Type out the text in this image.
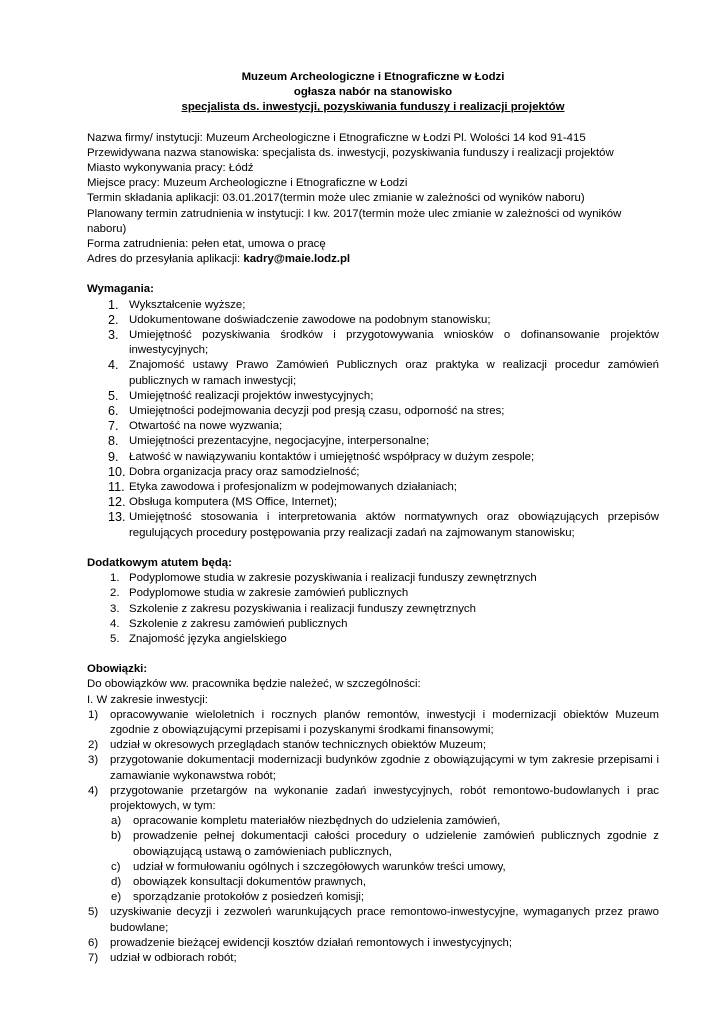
Muzeum Archeologiczne i Etnograficzne w Łodzi
ogłasza nabór na stanowisko
specjalista ds. inwestycji, pozyskiwania funduszy i realizacji projektów
Nazwa firmy/ instytucji: Muzeum Archeologiczne i Etnograficzne w Łodzi Pl. Wolości 14 kod 91-415
Przewidywana nazwa stanowiska: specjalista ds. inwestycji, pozyskiwania funduszy i realizacji projektów
Miasto wykonywania pracy: Łódź
Miejsce pracy: Muzeum Archeologiczne i Etnograficzne w Łodzi
Termin składania aplikacji: 03.01.2017(termin może ulec zmianie w zależności od wyników naboru)
Planowany termin zatrudnienia w instytucji: I kw. 2017(termin może ulec zmianie w zależności od wyników naboru)
Forma zatrudnienia: pełen etat, umowa o pracę
Adres do przesyłania aplikacji: kadry@maie.lodz.pl
Wymagania:
1. Wykształcenie wyższe;
2. Udokumentowane doświadczenie zawodowe na podobnym stanowisku;
3. Umiejętność pozyskiwania środków i przygotowywania wniosków o dofinansowanie projektów inwestycyjnych;
4. Znajomość ustawy Prawo Zamówień Publicznych oraz praktyka w realizacji procedur zamówień publicznych w ramach inwestycji;
5. Umiejętność realizacji projektów inwestycyjnych;
6. Umiejętności podejmowania decyzji pod presją czasu, odporność na stres;
7. Otwartość na nowe wyzwania;
8. Umiejętności prezentacyjne, negocjacyjne, interpersonalne;
9. Łatwość w nawiązywaniu kontaktów i umiejętność współpracy w dużym zespole;
10. Dobra organizacja pracy oraz samodzielność;
11. Etyka zawodowa i profesjonalizm w podejmowanych działaniach;
12. Obsługa komputera (MS Office, Internet);
13. Umiejętność stosowania i interpretowania aktów normatywnych oraz obowiązujących przepisów regulujących procedury postępowania przy realizacji zadań na zajmowanym stanowisku;
Dodatkowym atutem będą:
1. Podyplomowe studia w zakresie pozyskiwania i realizacji funduszy zewnętrznych
2. Podyplomowe studia w zakresie zamówień publicznych
3. Szkolenie z zakresu pozyskiwania i realizacji funduszy zewnętrznych
4. Szkolenie z zakresu zamówień publicznych
5. Znajomość języka angielskiego
Obowiązki:
Do obowiązków ww. pracownika będzie należeć, w szczególności:
I. W zakresie inwestycji:
1)	opracowywanie wieloletnich i rocznych planów remontów, inwestycji i modernizacji obiektów Muzeum zgodnie z obowiązującymi przepisami i pozyskanymi środkami finansowymi;
2)	udział w okresowych przeglądach stanów technicznych obiektów Muzeum;
3)	przygotowanie dokumentacji modernizacji budynków zgodnie z obowiązującymi w tym zakresie przepisami i zamawianie wykonawstwa robót;
4)	przygotowanie przetargów na wykonanie zadań inwestycyjnych, robót remontowo-budowlanych i prac projektowych, w tym:
a)	opracowanie kompletu materiałów niezbędnych do udzielenia zamówień,
b)	prowadzenie pełnej dokumentacji całości procedury o udzielenie zamówień publicznych zgodnie z obowiązującą ustawą o zamówieniach publicznych,
c)	udział w formułowaniu ogólnych i szczegółowych warunków treści umowy,
d)	obowiązek konsultacji dokumentów prawnych,
e)	sporządzanie protokołów z posiedzeń komisji;
5)	uzyskiwanie decyzji i zezwoleń warunkujących prace remontowo-inwestycyjne, wymaganych przez prawo budowlane;
6)	prowadzenie bieżącej ewidencji kosztów działań remontowych i inwestycyjnych;
7)	udział w odbiorach robót;
